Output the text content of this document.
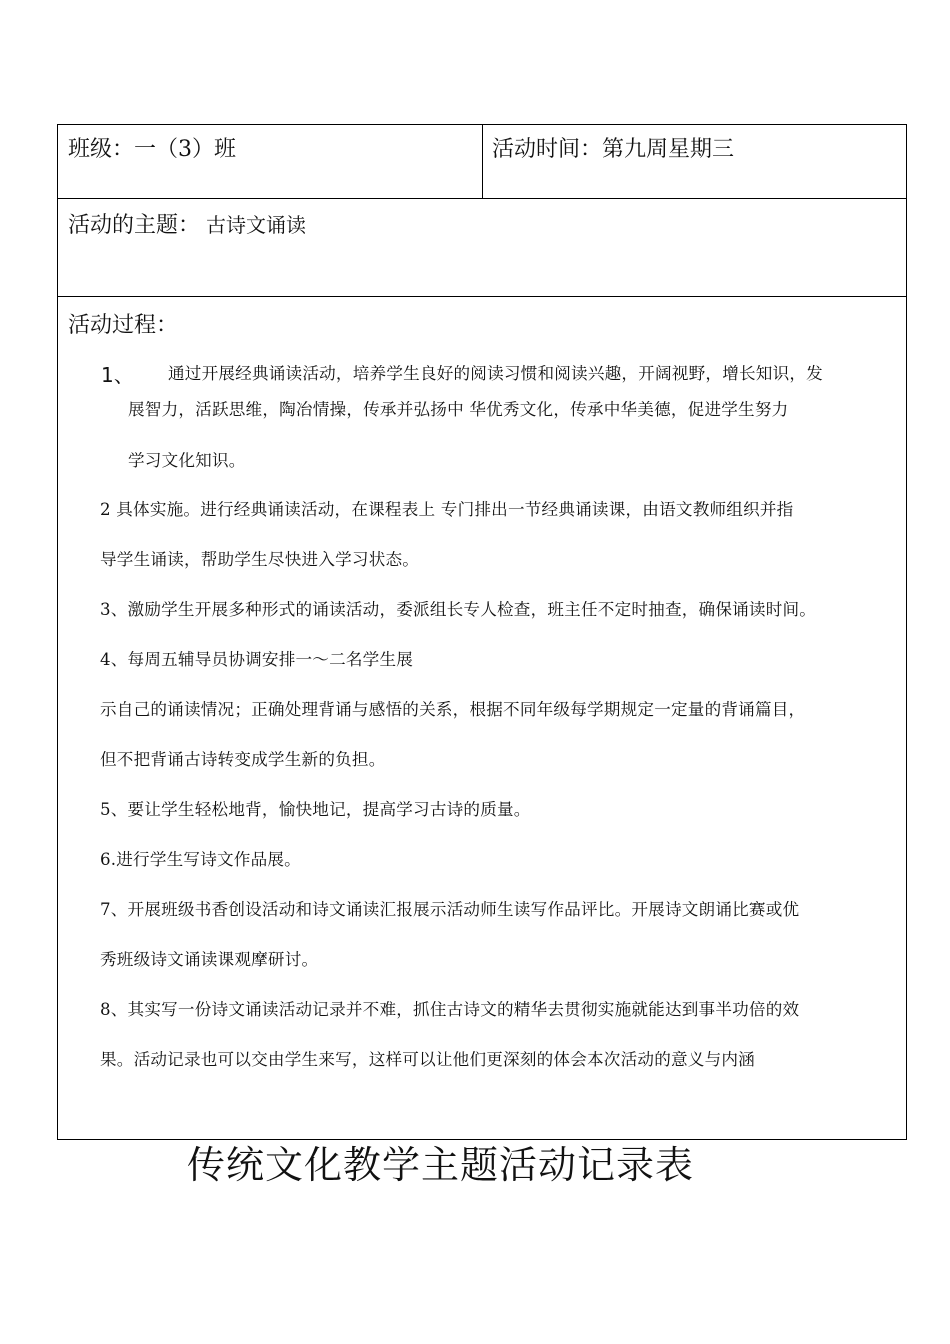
班级：一（3）班	活动时间：第九周星期三
活动的主题： 古诗文诵读
活动过程：
1、 通过开展经典诵读活动，培养学生良好的阅读习惯和阅读兴趣，开阔视野，增长知识，发
展智力，活跃思维，陶冶情操，传承并弘扬中 华优秀文化，传承中华美德，促进学生努力
学习文化知识。
2 具体实施。进行经典诵读活动，在课程表上 专门排出一节经典诵读课，由语文教师组织并指
导学生诵读，帮助学生尽快进入学习状态。
3、激励学生开展多种形式的诵读活动，委派组长专人检查，班主任不定时抽查，确保诵读时间。
4、每周五辅导员协调安排一～二名学生展
示自己的诵读情况；正确处理背诵与感悟的关系，根据不同年级每学期规定一定量的背诵篇目，
但不把背诵古诗转变成学生新的负担。
5、要让学生轻松地背，愉快地记，提高学习古诗的质量。
6.进行学生写诗文作品展。
7、开展班级书香创设活动和诗文诵读汇报展示活动师生读写作品评比。开展诗文朗诵比赛或优
秀班级诗文诵读课观摩研讨。
8、其实写一份诗文诵读活动记录并不难，抓住古诗文的精华去贯彻实施就能达到事半功倍的效
果。活动记录也可以交由学生来写，这样可以让他们更深刻的体会本次活动的意义与内涵
传统文化教学主题活动记录表
